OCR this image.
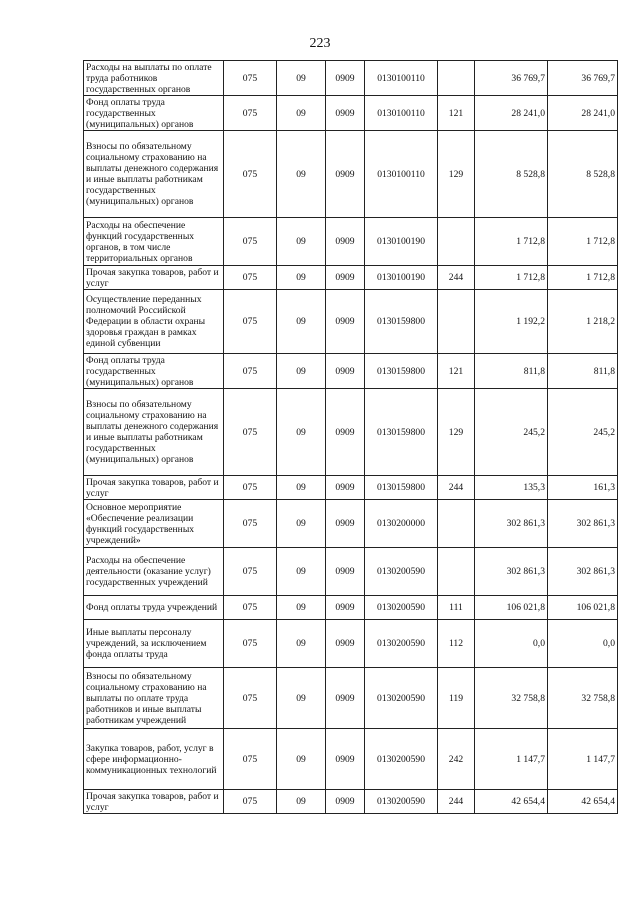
223
Расходы на выплаты по оплате труда работников государственных органов	075	09	0909	0130100110		36 769,7	36 769,7
Фонд оплаты труда государственных (муниципальных) органов	075	09	0909	0130100110	121	28 241,0	28 241,0
Взносы по обязательному социальному страхованию на выплаты денежного содержания и иные выплаты работникам государственных (муниципальных) органов	075	09	0909	0130100110	129	8 528,8	8 528,8
Расходы на обеспечение функций государственных органов, в том числе территориальных органов	075	09	0909	0130100190		1 712,8	1 712,8
Прочая закупка товаров, работ и услуг	075	09	0909	0130100190	244	1 712,8	1 712,8
Осуществление переданных полномочий Российской Федерации в области охраны здоровья граждан в рамках единой субвенции	075	09	0909	0130159800		1 192,2	1 218,2
Фонд оплаты труда государственных (муниципальных) органов	075	09	0909	0130159800	121	811,8	811,8
Взносы по обязательному социальному страхованию на выплаты денежного содержания и иные выплаты работникам государственных (муниципальных) органов	075	09	0909	0130159800	129	245,2	245,2
Прочая закупка товаров, работ и услуг	075	09	0909	0130159800	244	135,3	161,3
Основное мероприятие «Обеспечение реализации функций государственных учреждений»	075	09	0909	0130200000		302 861,3	302 861,3
Расходы на обеспечение деятельности (оказание услуг) государственных учреждений	075	09	0909	0130200590		302 861,3	302 861,3
Фонд оплаты труда учреждений	075	09	0909	0130200590	111	106 021,8	106 021,8
Иные выплаты персоналу учреждений, за исключением фонда оплаты труда	075	09	0909	0130200590	112	0,0	0,0
Взносы по обязательному социальному страхованию на выплаты по оплате труда работников и иные выплаты работникам учреждений	075	09	0909	0130200590	119	32 758,8	32 758,8
Закупка товаров, работ, услуг в сфере информационно-коммуникационных технологий	075	09	0909	0130200590	242	1 147,7	1 147,7
Прочая закупка товаров, работ и услуг	075	09	0909	0130200590	244	42 654,4	42 654,4
